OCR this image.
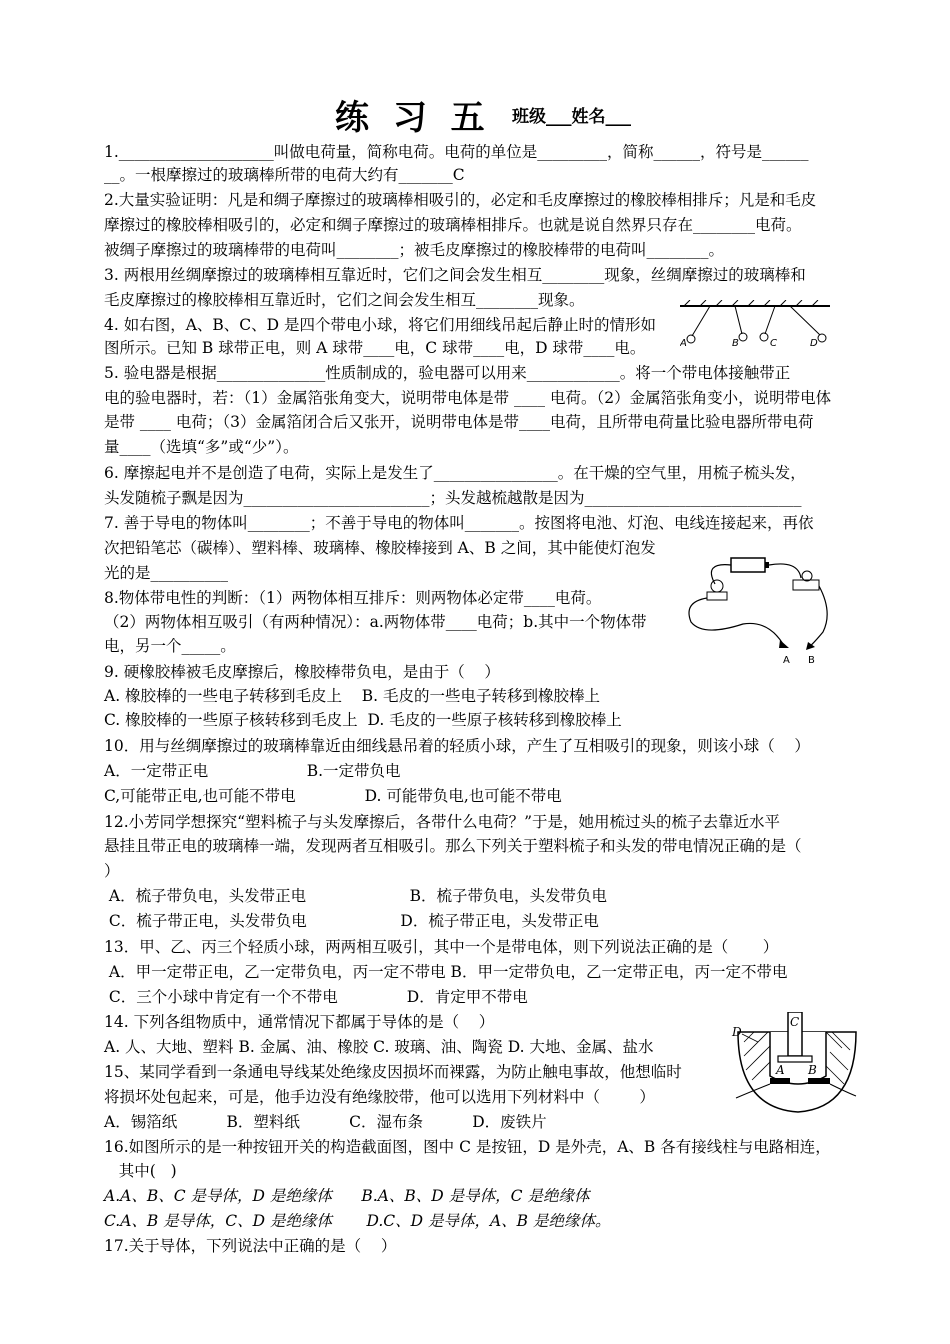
练 习 五 班级___姓名___
1.____________________叫做电荷量，简称电荷。电荷的单位是_________，简称______，符号是______
__。一根摩擦过的玻璃棒所带的电荷大约有_______C
2.大量实验证明：凡是和绸子摩擦过的玻璃棒相吸引的，必定和毛皮摩擦过的橡胶棒相排斥；凡是和毛皮
摩擦过的橡胶棒相吸引的，必定和绸子摩擦过的玻璃棒相排斥。也就是说自然界只存在________电荷。
被绸子摩擦过的玻璃棒带的电荷叫________；被毛皮摩擦过的橡胶棒带的电荷叫________。
3. 两根用丝绸摩擦过的玻璃棒相互靠近时，它们之间会发生相互________现象，丝绸摩擦过的玻璃棒和
毛皮摩擦过的橡胶棒相互靠近时，它们之间会发生相互________现象。
4. 如右图，A、B、C、D 是四个带电小球，将它们用细线吊起后静止时的情形如
图所示。已知 B 球带正电，则 A 球带____电，C 球带____电，D 球带____电。
5. 验电器是根据______________性质制成的，验电器可以用来____________。将一个带电体接触带正
电的验电器时，若：（1）金属箔张角变大，说明带电体是带 ____ 电荷。（2）金属箔张角变小，说明带电体
是带 ____ 电荷；（3）金属箔闭合后又张开，说明带电体是带____电荷，且所带电荷量比验电器所带电荷
量____（选填“多”或“少”）。
6. 摩擦起电并不是创造了电荷，实际上是发生了________________。在干燥的空气里，用梳子梳头发，
头发随梳子飘是因为________________________；头发越梳越散是因为____________________________
7. 善于导电的物体叫________；不善于导电的物体叫_______。按图将电池、灯泡、电线连接起来，再依
次把铅笔芯（碳棒）、塑料棒、玻璃棒、橡胶棒接到 A、B 之间，其中能使灯泡发
光的是__________
8.物体带电性的判断：（1）两物体相互排斥：则两物体必定带____电荷。
（2）两物体相互吸引（有两种情况）：a.两物体带____电荷；b.其中一个物体带
电，另一个_____。
9. 硬橡胶棒被毛皮摩擦后，橡胶棒带负电，是由于（    ）
A. 橡胶棒的一些电子转移到毛皮上    B. 毛皮的一些电子转移到橡胶棒上
C. 橡胶棒的一些原子核转移到毛皮上  D. 毛皮的一些原子核转移到橡胶棒上
10．用与丝绸摩擦过的玻璃棒靠近由细线悬吊着的轻质小球，产生了互相吸引的现象，则该小球（    ）
A．一定带正电                    B.一定带负电
C,可能带正电,也可能不带电              D. 可能带负电,也可能不带电
12.小芳同学想探究“塑料梳子与头发摩擦后，各带什么电荷？”于是，她用梳过头的梳子去靠近水平
悬挂且带正电的玻璃棒一端，发现两者互相吸引。那么下列关于塑料梳子和头发的带电情况正确的是（
）
A．梳子带负电，头发带正电                     B．梳子带负电，头发带负电
C．梳子带正电，头发带负电                   D．梳子带正电，头发带正电
13．甲、乙、丙三个轻质小球，两两相互吸引，其中一个是带电体，则下列说法正确的是（       ）
A．甲一定带正电，乙一定带负电，丙一定不带电 B．甲一定带负电，乙一定带正电，丙一定不带电
C．三个小球中肯定有一个不带电              D．肯定甲不带电
14. 下列各组物质中，通常情况下都属于导体的是（    ）
A. 人、大地、塑料 B. 金属、油、橡胶 C. 玻璃、油、陶瓷 D. 大地、金属、盐水
15、某同学看到一条通电导线某处绝缘皮因损坏而裸露，为防止触电事故，他想临时
将损坏处包起来，可是，他手边没有绝缘胶带，他可以选用下列材料中（        ）
A．锡箔纸          B．塑料纸          C．湿布条          D．废铁片
16.如图所示的是一种按钮开关的构造截面图，图中 C 是按钮，D 是外壳，A、B 各有接线柱与电路相连，
其中(   )
A.A、B、C 是导体，D 是绝缘体      B.A、B、D 是导体，C 是绝缘体
C.A、B 是导体，C、D 是绝缘体       D.C、D 是导体，A、B 是绝缘体。
17.关于导体，下列说法中正确的是（    ）
A	B	C	D
A B
A B
C
D
